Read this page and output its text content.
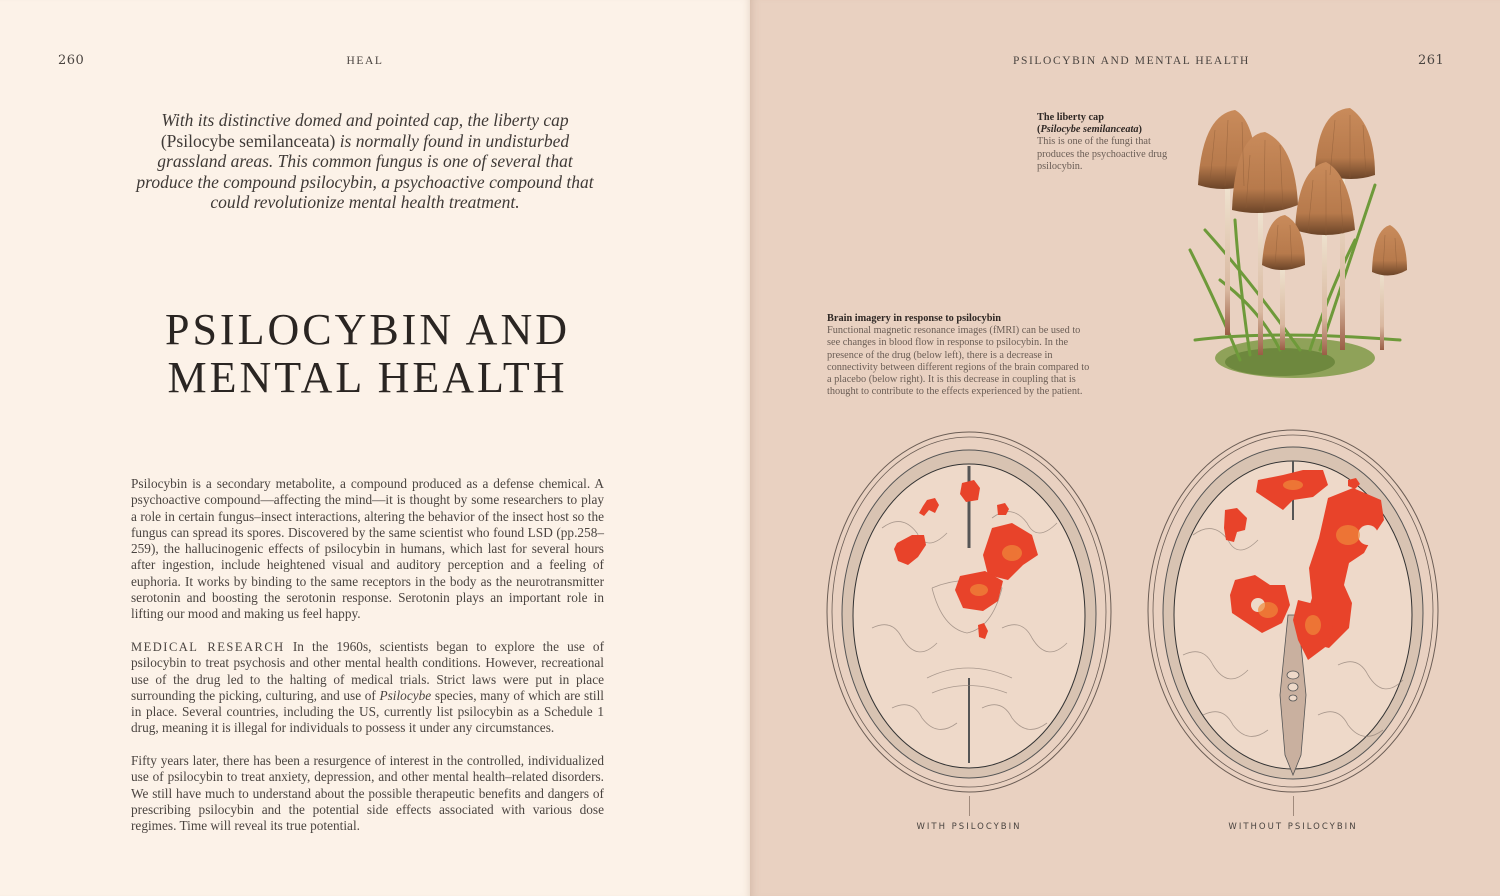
260	HEAL
With its distinctive domed and pointed cap, the liberty cap (Psilocybe semilanceata) is normally found in undisturbed grassland areas. This common fungus is one of several that produce the compound psilocybin, a psychoactive compound that could revolutionize mental health treatment.
PSILOCYBIN AND
MENTAL HEALTH

Psilocybin is a secondary metabolite, a compound produced as a defense chemical. A psychoactive compound—affecting the mind—it is thought by some researchers to play a role in certain fungus–insect interactions, altering the behavior of the insect host so the fungus can spread its spores. Discovered by the same scientist who found LSD (pp.258–259), the hallucinogenic effects of psilocybin in humans, which last for several hours after ingestion, include heightened visual and auditory perception and a feeling of euphoria. It works by binding to the same receptors in the body as the neurotransmitter serotonin and boosting the serotonin response. Serotonin plays an important role in lifting our mood and making us feel happy.

MEDICAL RESEARCH In the 1960s, scientists began to explore the use of psilocybin to treat psychosis and other mental health conditions. However, recreational use of the drug led to the halting of medical trials. Strict laws were put in place surrounding the picking, culturing, and use of Psilocybe species, many of which are still in place. Several countries, including the US, currently list psilocybin as a Schedule 1 drug, meaning it is illegal for individuals to possess it under any circumstances.

Fifty years later, there has been a resurgence of interest in the controlled, individualized use of psilocybin to treat anxiety, depression, and other mental health–related disorders. We still have much to understand about the possible therapeutic benefits and dangers of prescribing psilocybin and the potential side effects associated with various dose regimes. Time will reveal its true potential.

PSILOCYBIN AND MENTAL HEALTH	261
The liberty cap
(Psilocybe semilanceata)
This is one of the fungi that produces the psychoactive drug psilocybin.
Brain imagery in response to psilocybin
Functional magnetic resonance images (fMRI) can be used to see changes in blood flow in response to psilocybin. In the presence of the drug (below left), there is a decrease in connectivity between different regions of the brain compared to a placebo (below right). It is this decrease in coupling that is thought to contribute to the effects experienced by the patient.
WITH PSILOCYBIN	WITHOUT PSILOCYBIN
